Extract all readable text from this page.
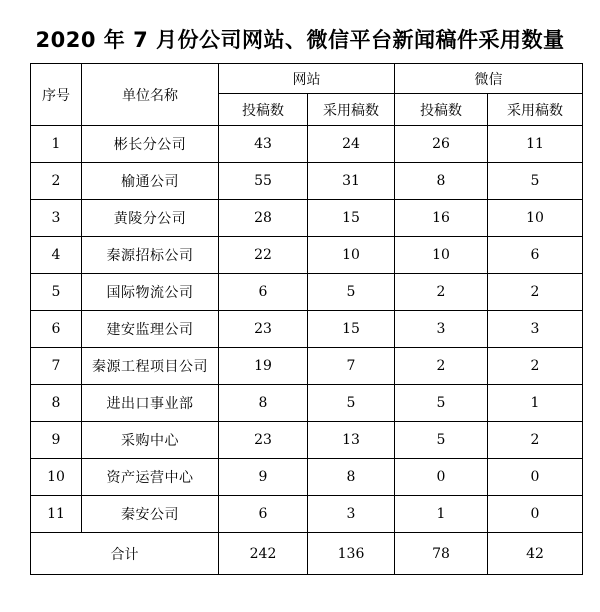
2020 年 7 月份公司网站、微信平台新闻稿件采用数量
序号	单位名称	网站		微信	
		投稿数	采用稿数	投稿数	采用稿数
1	彬长分公司	43	24	26	11
2	榆通公司	55	31	8	5
3	黄陵分公司	28	15	16	10
4	秦源招标公司	22	10	10	6
5	国际物流公司	6	5	2	2
6	建安监理公司	23	15	3	3
7	秦源工程项目公司	19	7	2	2
8	进出口事业部	8	5	5	1
9	采购中心	23	13	5	2
10	资产运营中心	9	8	0	0
11	秦安公司	6	3	1	0
合计		242	136	78	42
